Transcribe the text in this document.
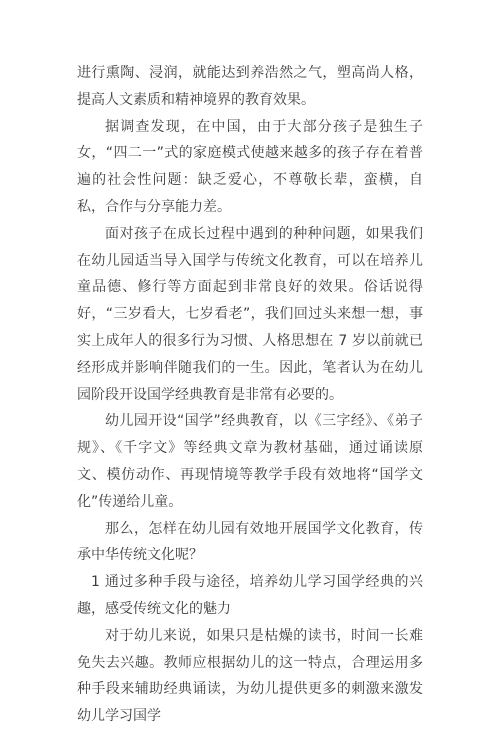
进行熏陶、浸润，就能达到养浩然之气，塑高尚人格，提高人文素质和精神境界的教育效果。

据调查发现，在中国，由于大部分孩子是独生子女，“四二一”式的家庭模式使越来越多的孩子存在着普遍的社会性问题：缺乏爱心，不尊敬长辈，蛮横，自私，合作与分享能力差。

面对孩子在成长过程中遇到的种种问题，如果我们在幼儿园适当导入国学与传统文化教育，可以在培养儿童品德、修行等方面起到非常良好的效果。俗话说得好，“三岁看大，七岁看老”，我们回过头来想一想，事实上成年人的很多行为习惯、人格思想在 7 岁以前就已经形成并影响伴随我们的一生。因此，笔者认为在幼儿园阶段开设国学经典教育是非常有必要的。

幼儿园开设“国学”经典教育，以《三字经》、《弟子规》、《千字文》等经典文章为教材基础，通过诵读原文、模仿动作、再现情境等教学手段有效地将“国学文化”传递给儿童。

那么，怎样在幼儿园有效地开展国学文化教育，传承中华传统文化呢？

1 通过多种手段与途径，培养幼儿学习国学经典的兴趣，感受传统文化的魅力

对于幼儿来说，如果只是枯燥的读书，时间一长难免失去兴趣。教师应根据幼儿的这一特点，合理运用多种手段来辅助经典诵读，为幼儿提供更多的刺激来激发幼儿学习国学
